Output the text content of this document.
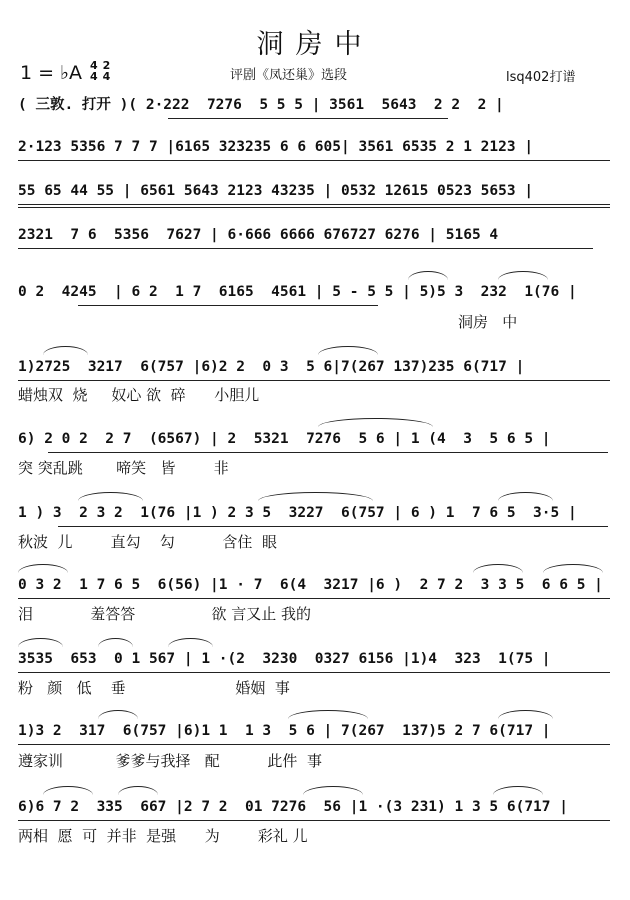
洞房中
1 = ♭A 4
4
2
4	评剧《凤还巢》选段	lsq402打谱
( 三敦. 打开 )( 2·222  7276  5 5 5 | 3561  5643  2 2  2 |
2·123 5356 7 7 7 |6165 323235 6 6 605| 3561 6535 2 1 2123 |
55 65 44 55 | 6561 5643 2123 43235 | 0532 12615 0523 5653 |
2321  7 6  5356  7627 | 6·666 6666 676727 6276 | 5165 4
0 2  4245  | 6 2  1 7  6165  4561 | 5 - 5 5 | 5)5 3  232  1(76 |
洞房   中
1)2725  3217  6(757 |6)2 2  0 3  5 6|7(267 137)235 6(717 |
蜡烛双  烧     奴心 欲  碎      小胆儿
6) 2 0 2  2 7  (6567) | 2  5321  7276  5 6 | 1 (4  3  5 6 5 |
突 突乱跳       啼笑   皆        非
1 ) 3  2 3 2  1(76 |1 ) 2 3 5  3227  6(757 | 6 ) 1  7 6 5  3·5 |
秋波  儿        直勾    勾          含住  眼
0 3 2  1 7 6 5  6(56) |1 · 7  6(4  3217 |6 )  2 7 2  3 3 5  6 6 5 |
泪            羞答答                欲 言又止 我的
3535  653  0 1 567 | 1 ·(2  3230  0327 6156 |1)4  323  1(75 |
粉   颜   低    垂                       婚姻  事
1)3 2  317  6(757 |6)1 1  1 3  5 6 | 7(267  137)5 2 7 6(717 |
遵家训           爹爹与我择   配          此件  事
6)6 7 2  335  667 |2 7 2  01 7276  56 |1 ·(3 231) 1 3 5 6(717 |
两相  愿  可  并非  是强      为        彩礼 儿
